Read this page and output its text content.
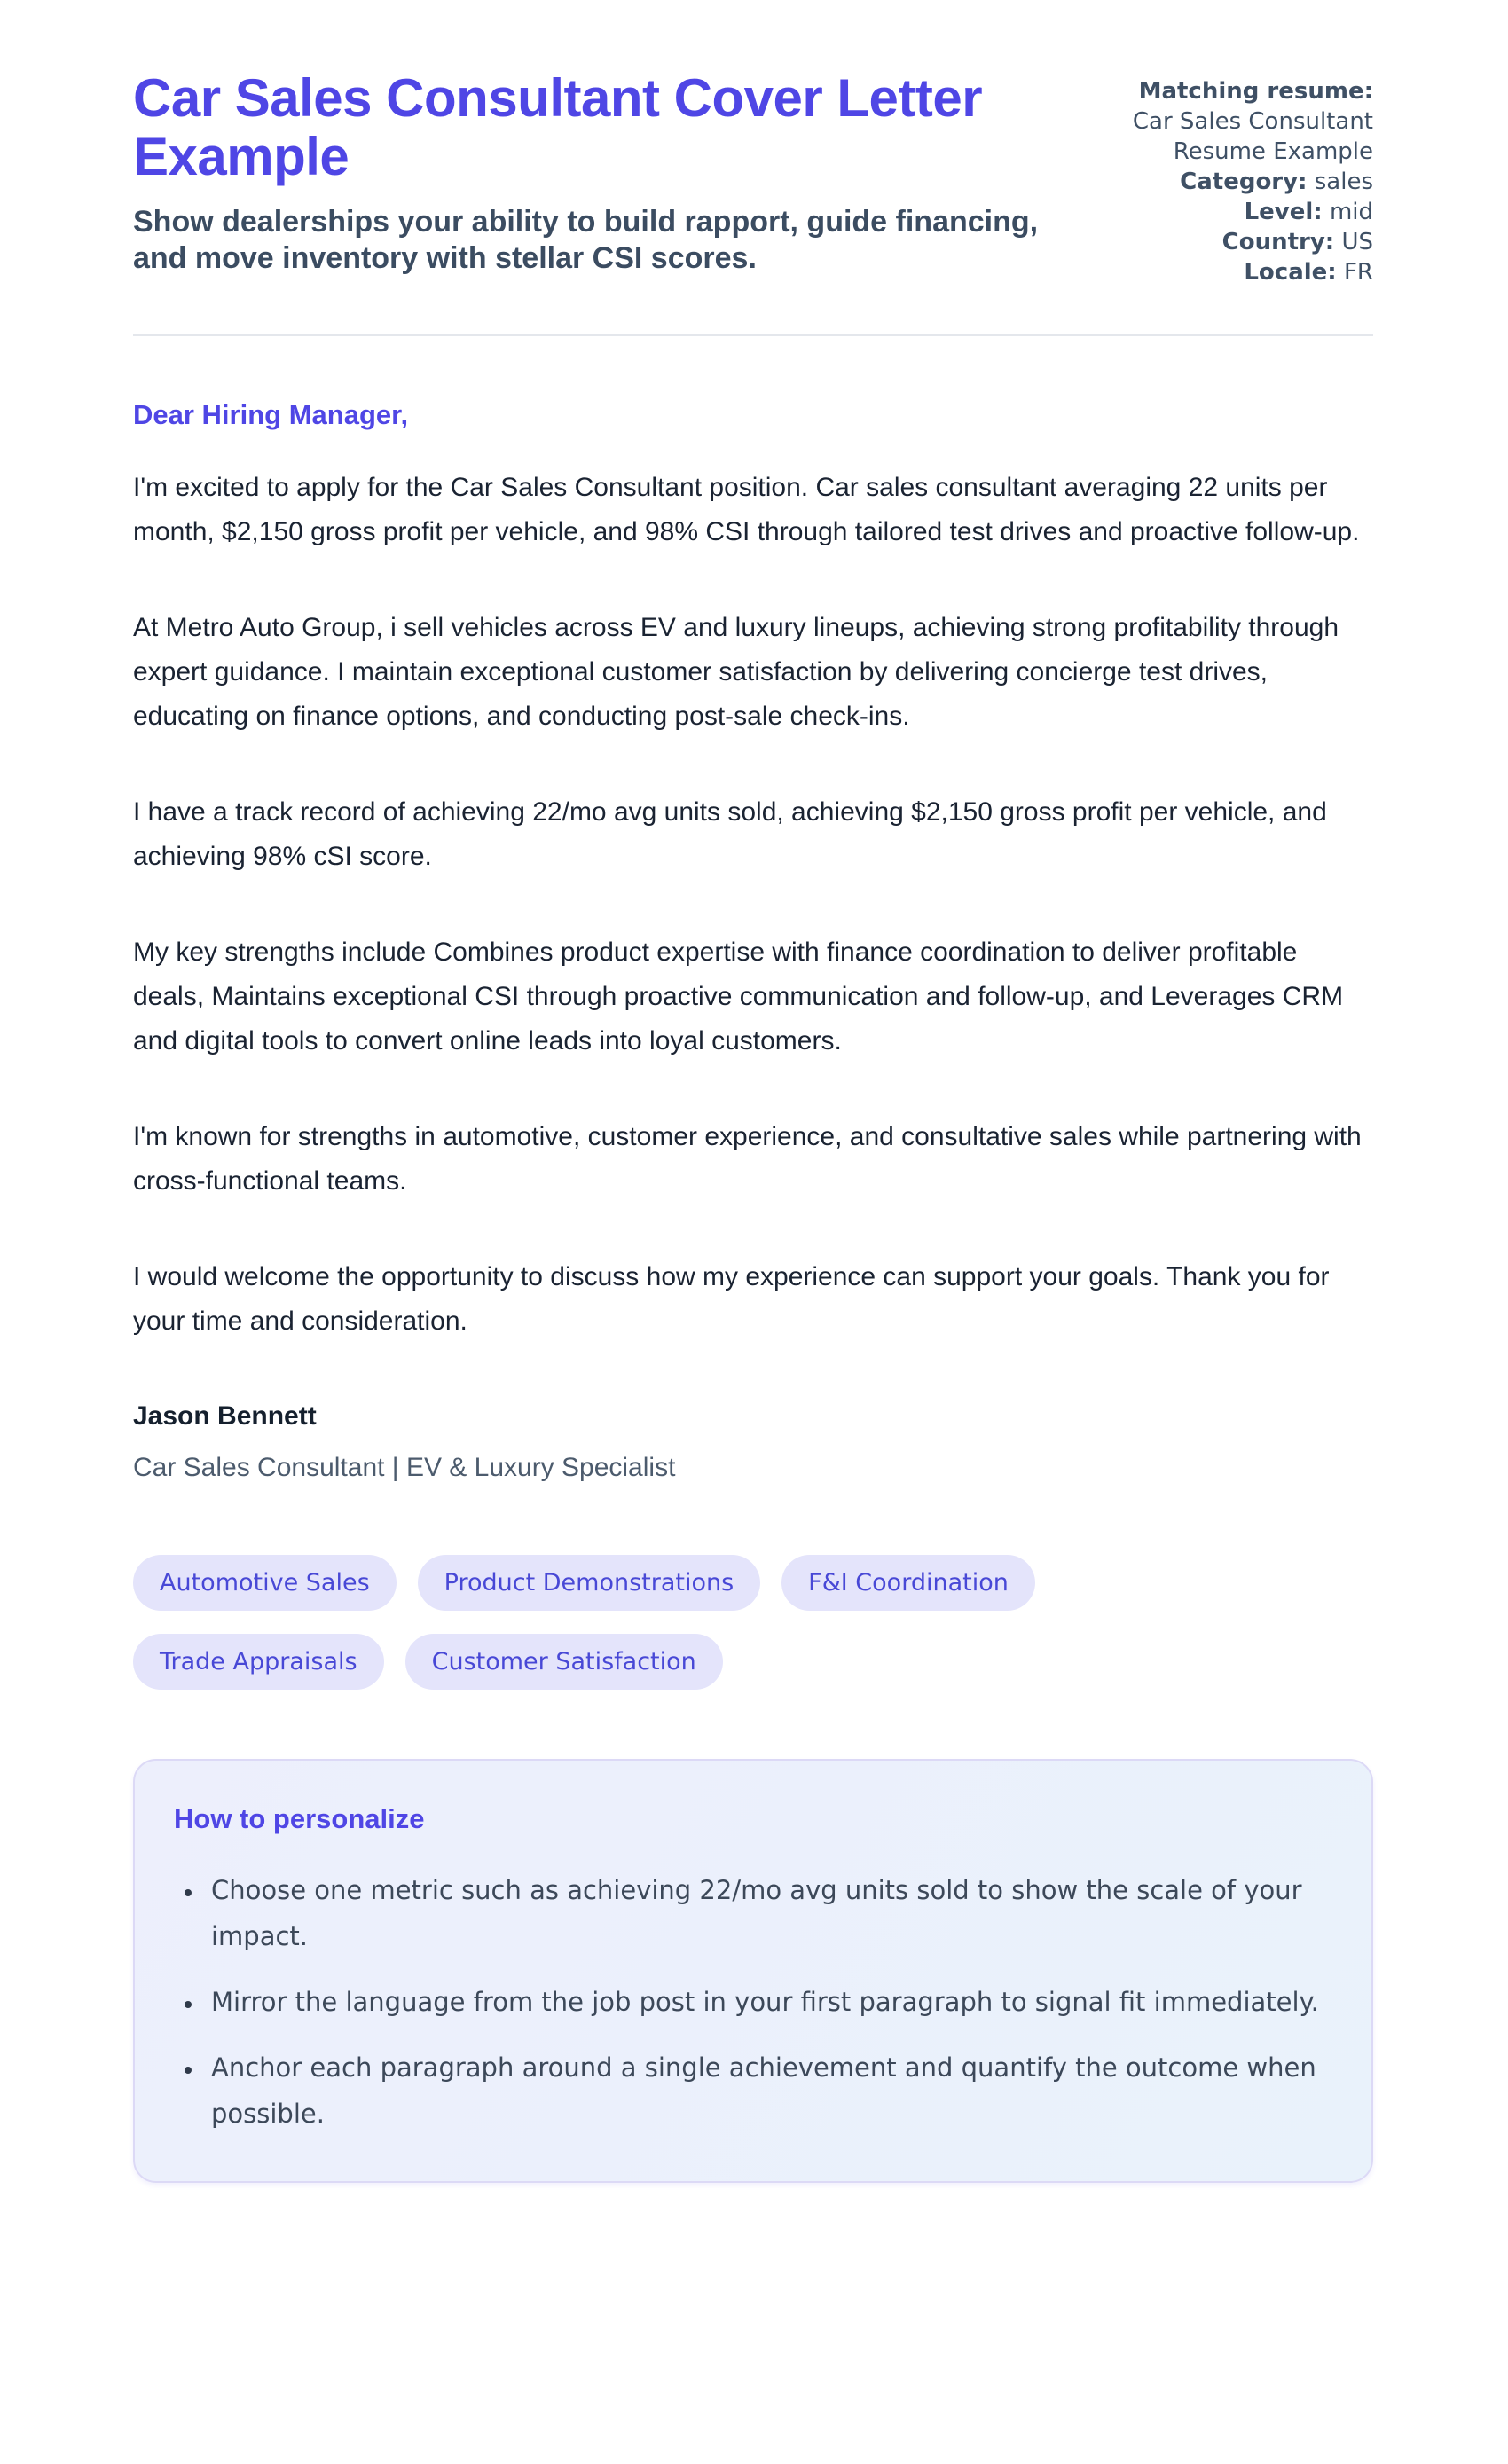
Car Sales Consultant Cover Letter Example

Show dealerships your ability to build rapport, guide financing, and move inventory with stellar CSI scores.

Matching resume: Car Sales Consultant Resume Example
Category: sales
Level: mid
Country: US
Locale: FR

Dear Hiring Manager,

I'm excited to apply for the Car Sales Consultant position. Car sales consultant averaging 22 units per month, $2,150 gross profit per vehicle, and 98% CSI through tailored test drives and proactive follow-up.

At Metro Auto Group, i sell vehicles across EV and luxury lineups, achieving strong profitability through expert guidance. I maintain exceptional customer satisfaction by delivering concierge test drives, educating on finance options, and conducting post-sale check-ins.

I have a track record of achieving 22/mo avg units sold, achieving $2,150 gross profit per vehicle, and achieving 98% cSI score.

My key strengths include Combines product expertise with finance coordination to deliver profitable deals, Maintains exceptional CSI through proactive communication and follow-up, and Leverages CRM and digital tools to convert online leads into loyal customers.

I'm known for strengths in automotive, customer experience, and consultative sales while partnering with cross-functional teams.

I would welcome the opportunity to discuss how my experience can support your goals. Thank you for your time and consideration.

Jason Bennett

Car Sales Consultant | EV & Luxury Specialist

Automotive Sales	Product Demonstrations	F&I Coordination
Trade Appraisals	Customer Satisfaction

How to personalize

• Choose one metric such as achieving 22/mo avg units sold to show the scale of your impact.
• Mirror the language from the job post in your first paragraph to signal fit immediately.
• Anchor each paragraph around a single achievement and quantify the outcome when possible.
